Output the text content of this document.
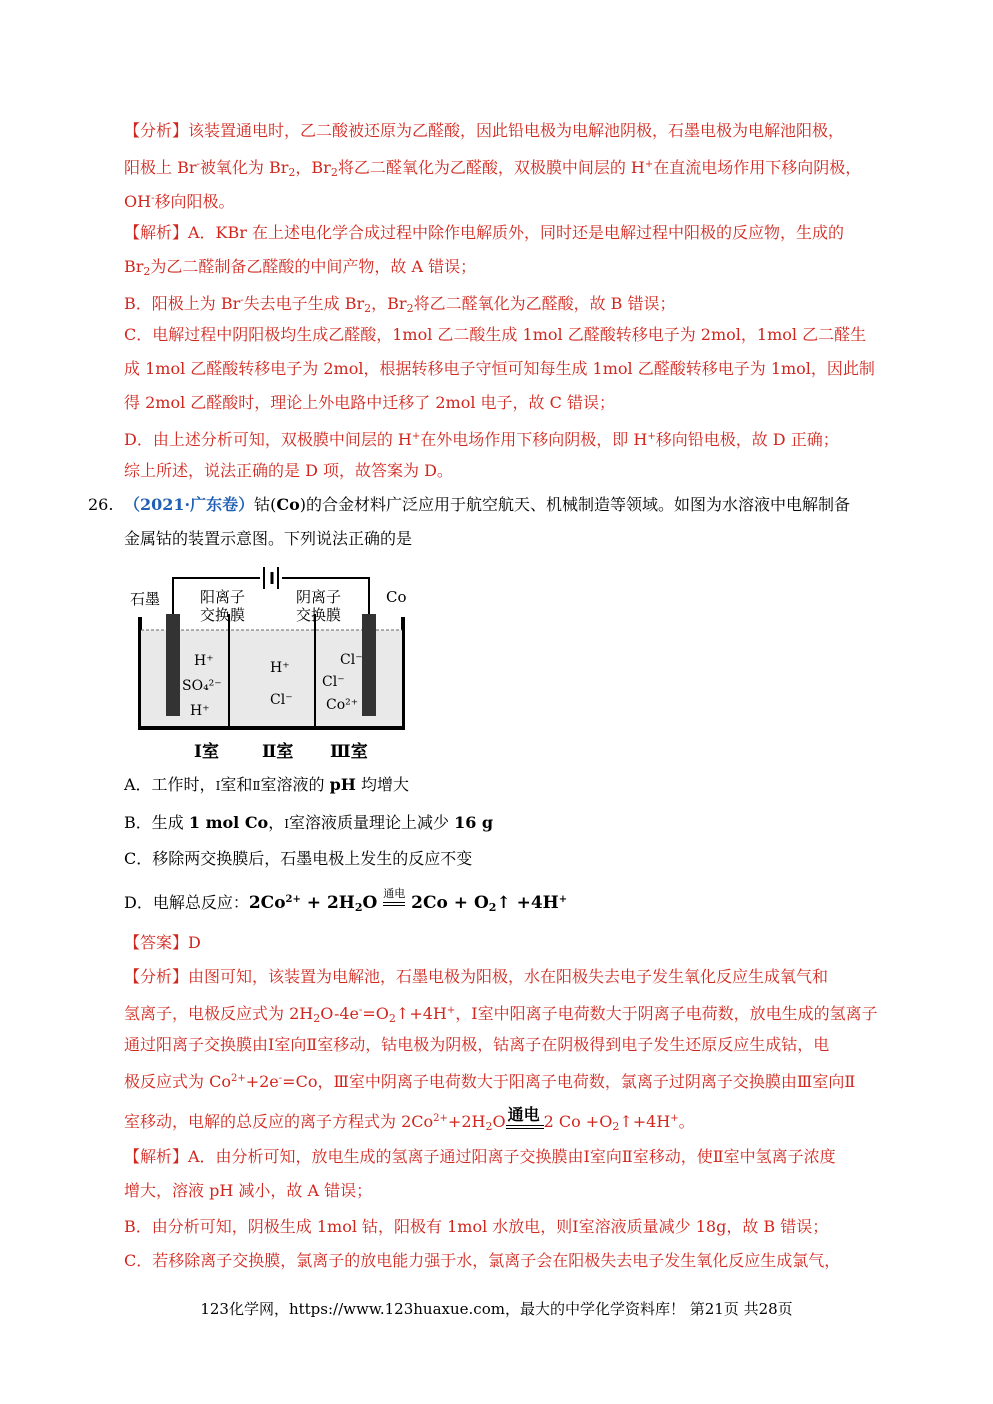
【分析】该装置通电时，乙二酸被还原为乙醛酸，因此铅电极为电解池阴极，石墨电极为电解池阳极，
阳极上 Br-被氧化为 $Br_2$，$Br_2$将乙二醛氧化为乙醛酸，双极膜中间层的 H+在直流电场作用下移向阴极，
OH-移向阳极。
【解析】A．KBr 在上述电化学合成过程中除作电解质外，同时还是电解过程中阳极的反应物，生成的
$Br_2$为乙二醛制备乙醛酸的中间产物，故 A 错误；
B．阳极上为 Br-失去电子生成 $Br_2$，$Br_2$将乙二醛氧化为乙醛酸，故 B 错误；
C．电解过程中阴阳极均生成乙醛酸，1mol 乙二酸生成 1mol 乙醛酸转移电子为 2mol，1mol 乙二醛生
成 1mol 乙醛酸转移电子为 2mol，根据转移电子守恒可知每生成 1mol 乙醛酸转移电子为 1mol，因此制
得 2mol 乙醛酸时，理论上外电路中迁移了 2mol 电子，故 C 错误；
D．由上述分析可知，双极膜中间层的 H+在外电场作用下移向阴极，即 H+移向铅电极，故 D 正确；
综上所述，说法正确的是 D 项，故答案为 D。
26. （2021·广东卷）钴(Co)的合金材料广泛应用于航空航天、机械制造等领域。如图为水溶液中电解制备
金属钴的装置示意图。下列说法正确的是
石墨	Co
阳离子
交换膜
阴离子
交换膜
H⁺
SO₄²⁻
H⁺
H⁺
Cl⁻
Cl⁻
Cl⁻
Co²⁺
Ⅰ室	Ⅱ室 Ⅲ室
A．工作时，Ⅰ室和Ⅱ室溶液的 pH 均增大
B．生成 1 mol Co，Ⅰ室溶液质量理论上减少 16 g
C．移除两交换膜后，石墨电极上发生的反应不变
D．电解总反应：$2Co^{2+} + 2H_2O$ 通电 $2Co + O_2↑ +4H^+$
【答案】D
【分析】由图可知，该装置为电解池，石墨电极为阳极，水在阳极失去电子发生氧化反应生成氧气和
氢离子，电极反应式为 $2H_2O-4e^-=O_2↑+4H^+$，Ⅰ室中阳离子电荷数大于阴离子电荷数，放电生成的氢离子
通过阳离子交换膜由Ⅰ室向Ⅱ室移动，钴电极为阴极，钴离子在阴极得到电子发生还原反应生成钴，电
极反应式为 $Co^{2+}+2e^-=Co$，Ⅲ室中阴离子电荷数大于阳离子电荷数，氯离子过阴离子交换膜由Ⅲ室向Ⅱ
室移动，电解的总反应的离子方程式为 $2Co^{2+}+2H_2O$ 通电 2 $Co +O_2↑+4H^+$。
【解析】A．由分析可知，放电生成的氢离子通过阳离子交换膜由Ⅰ室向Ⅱ室移动，使Ⅱ室中氢离子浓度
增大，溶液 pH 减小，故 A 错误；
B．由分析可知，阴极生成 1mol 钴，阳极有 1mol 水放电，则Ⅰ室溶液质量减少 18g，故 B 错误；
C．若移除离子交换膜，氯离子的放电能力强于水，氯离子会在阳极失去电子发生氧化反应生成氯气，
123化学网，https://www.123huaxue.com，最大的中学化学资料库！ 第21页 共28页
